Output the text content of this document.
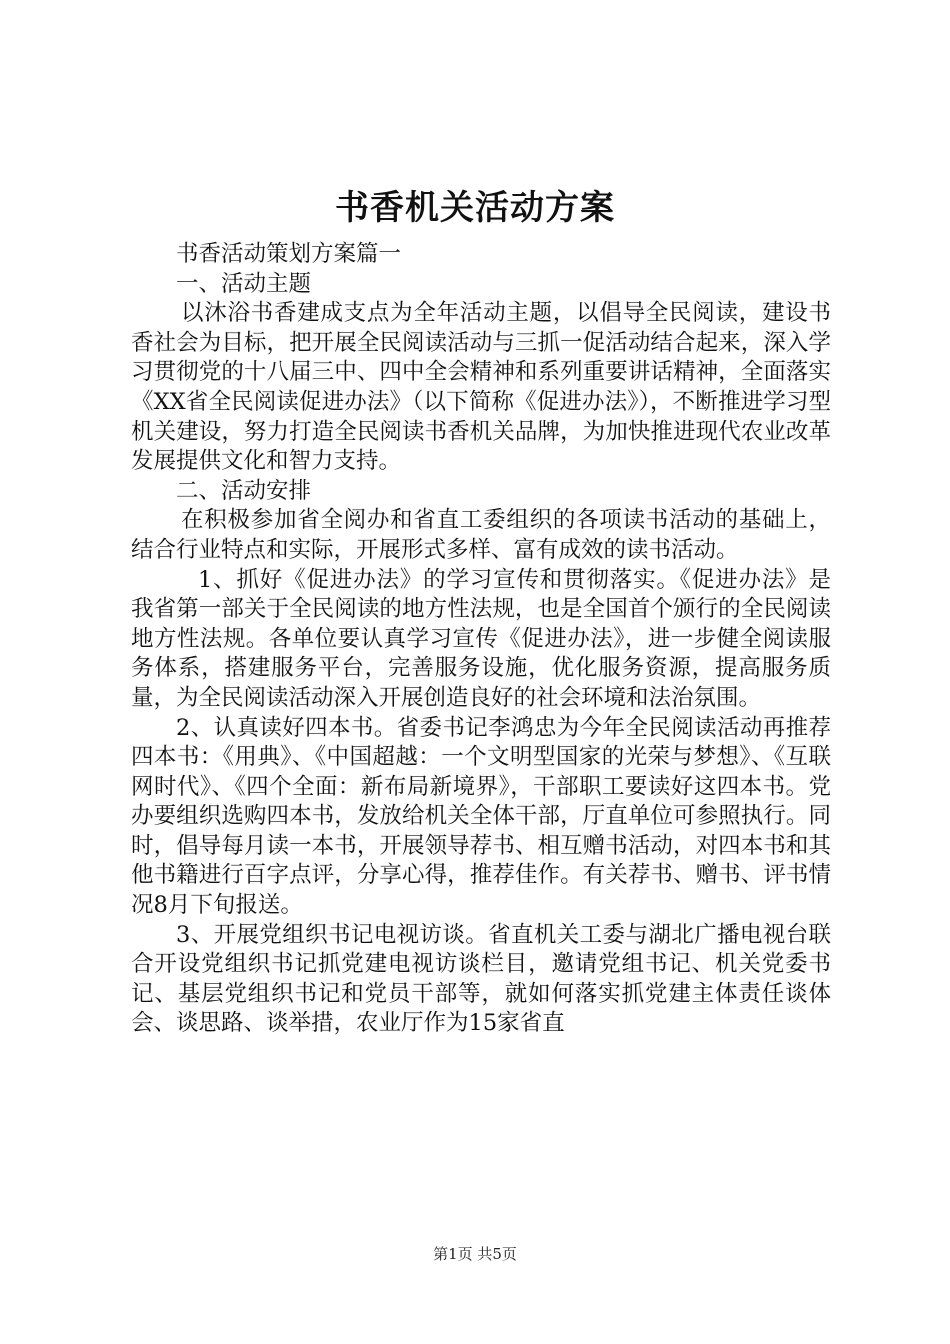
书香机关活动方案

书香活动策划方案篇一

一、活动主题

以沐浴书香建成支点为全年活动主题，以倡导全民阅读，建设书香社会为目标，把开展全民阅读活动与三抓一促活动结合起来，深入学习贯彻党的十八届三中、四中全会精神和系列重要讲话精神，全面落实《XX省全民阅读促进办法》（以下简称《促进办法》），不断推进学习型机关建设，努力打造全民阅读书香机关品牌，为加快推进现代农业改革发展提供文化和智力支持。

二、活动安排

在积极参加省全阅办和省直工委组织的各项读书活动的基础上，结合行业特点和实际，开展形式多样、富有成效的读书活动。

1、抓好《促进办法》的学习宣传和贯彻落实。《促进办法》是我省第一部关于全民阅读的地方性法规，也是全国首个颁行的全民阅读地方性法规。各单位要认真学习宣传《促进办法》，进一步健全阅读服务体系，搭建服务平台，完善服务设施，优化服务资源，提高服务质量，为全民阅读活动深入开展创造良好的社会环境和法治氛围。

2、认真读好四本书。省委书记李鸿忠为今年全民阅读活动再推荐四本书：《用典》、《中国超越：一个文明型国家的光荣与梦想》、《互联网时代》、《四个全面：新布局新境界》，干部职工要读好这四本书。党办要组织选购四本书，发放给机关全体干部，厅直单位可参照执行。同时，倡导每月读一本书，开展领导荐书、相互赠书活动，对四本书和其他书籍进行百字点评，分享心得，推荐佳作。有关荐书、赠书、评书情况8月下旬报送。

3、开展党组织书记电视访谈。省直机关工委与湖北广播电视台联合开设党组织书记抓党建电视访谈栏目，邀请党组书记、机关党委书记、基层党组织书记和党员干部等，就如何落实抓党建主体责任谈体会、谈思路、谈举措，农业厅作为15家省直

第1页 共5页
